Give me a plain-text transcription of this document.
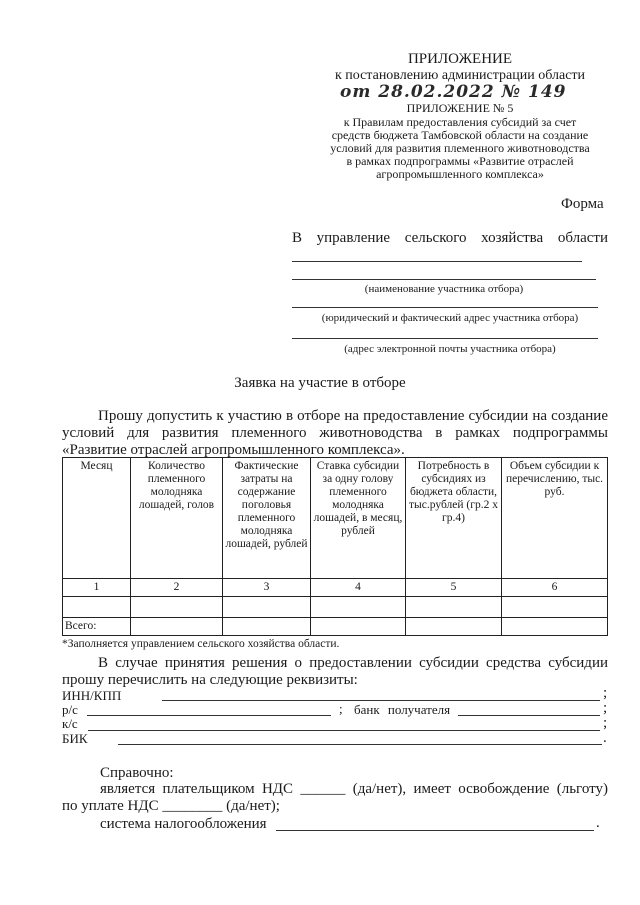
ПРИЛОЖЕНИЕ
к постановлению администрации области
от 28.02.2022 № 149
ПРИЛОЖЕНИЕ № 5
к Правилам предоставления субсидий за счет
средств бюджета Тамбовской области на создание
условий для развития племенного животноводства
в рамках подпрограммы «Развитие отраслей
агропромышленного комплекса»
Форма
В управление сельского хозяйства области
(наименование участника отбора)
(юридический и фактический адрес участника отбора)
(адрес электронной почты участника отбора)
Заявка на участие в отборе
Прошу допустить к участию в отборе на предоставление субсидии на создание условий для развития племенного животноводства в рамках подпрограммы «Развитие отраслей агропромышленного комплекса».
Месяц	Количество племенного молодняка лошадей, голов	Фактические затраты на содержание поголовья племенного молодняка лошадей, рублей	Ставка субсидии за одну голову племенного молодняка лошадей, в месяц, рублей	Потребность в субсидиях из бюджета области, тыс.рублей (гр.2 х гр.4)	Объем субсидии к перечислению, тыс. руб.
1	2	3	4	5	6

Всего:					
*Заполняется управлением сельского хозяйства области.
В случае принятия решения о предоставлении субсидии средства субсидии прошу перечислить на следующие реквизиты:
ИНН/КПП	;
р/с	; банк получателя	;
к/с	;
БИК	.
Справочно:
является плательщиком НДС ______ (да/нет), имеет освобождение (льготу)
по уплате НДС ________ (да/нет);
система налогообложения	.
